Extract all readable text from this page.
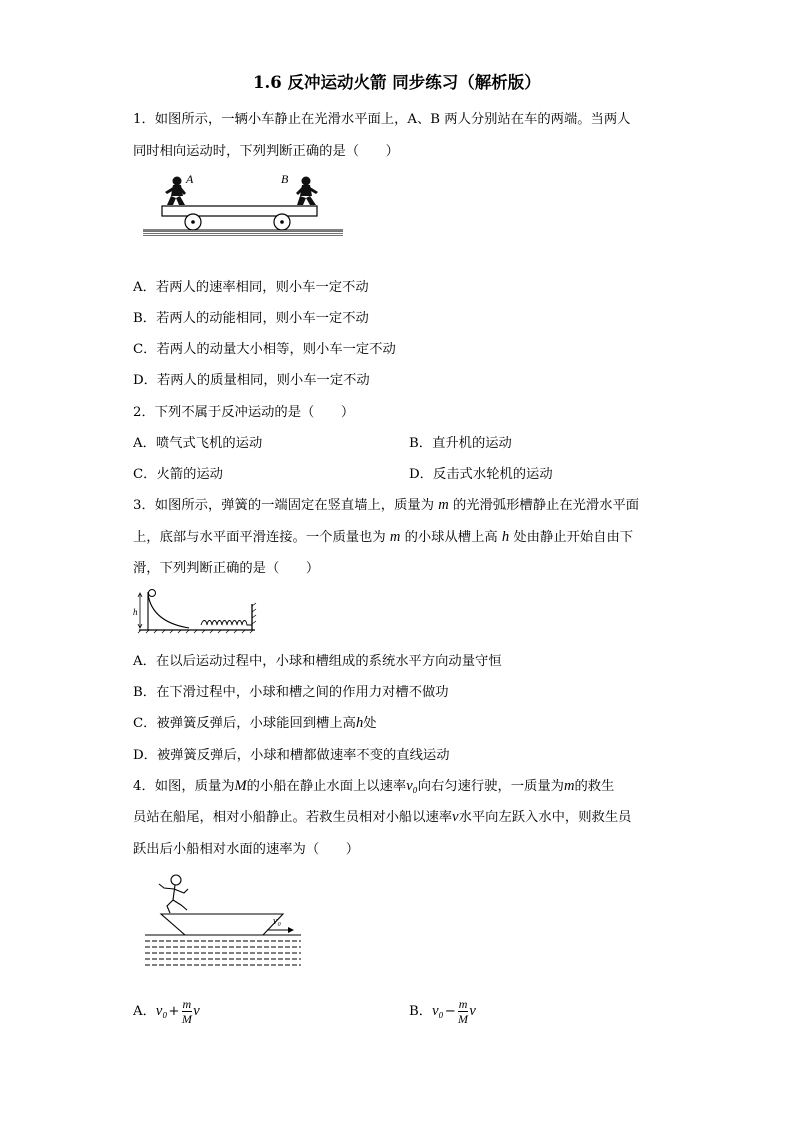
1.6 反冲运动火箭 同步练习（解析版）
1．如图所示，一辆小车静止在光滑水平面上，A、B 两人分别站在车的两端。当两人
同时相向运动时，下列判断正确的是（　　）
A	B
A．若两人的速率相同，则小车一定不动
B．若两人的动能相同，则小车一定不动
C．若两人的动量大小相等，则小车一定不动
D．若两人的质量相同，则小车一定不动
2．下列不属于反冲运动的是（　　）
A．喷气式飞机的运动	B．直升机的运动
C．火箭的运动	D．反击式水轮机的运动
3．如图所示，弹簧的一端固定在竖直墙上，质量为 m 的光滑弧形槽静止在光滑水平面
上，底部与水平面平滑连接。一个质量也为 m 的小球从槽上高 h 处由静止开始自由下
滑，下列判断正确的是（　　）
h
A．在以后运动过程中，小球和槽组成的系统水平方向动量守恒
B．在下滑过程中，小球和槽之间的作用力对槽不做功
C．被弹簧反弹后，小球能回到槽上高h处
D．被弹簧反弹后，小球和槽都做速率不变的直线运动
4．如图，质量为M的小船在静止水面上以速率v₀向右匀速行驶，一质量为m的救生
员站在船尾，相对小船静止。若救生员相对小船以速率v水平向左跃入水中，则救生员
跃出后小船相对水面的速率为（　　）
v₀
A．$v_0+ \frac{m}{M}$ v	B．$v_0- \frac{m}{M}$ v
